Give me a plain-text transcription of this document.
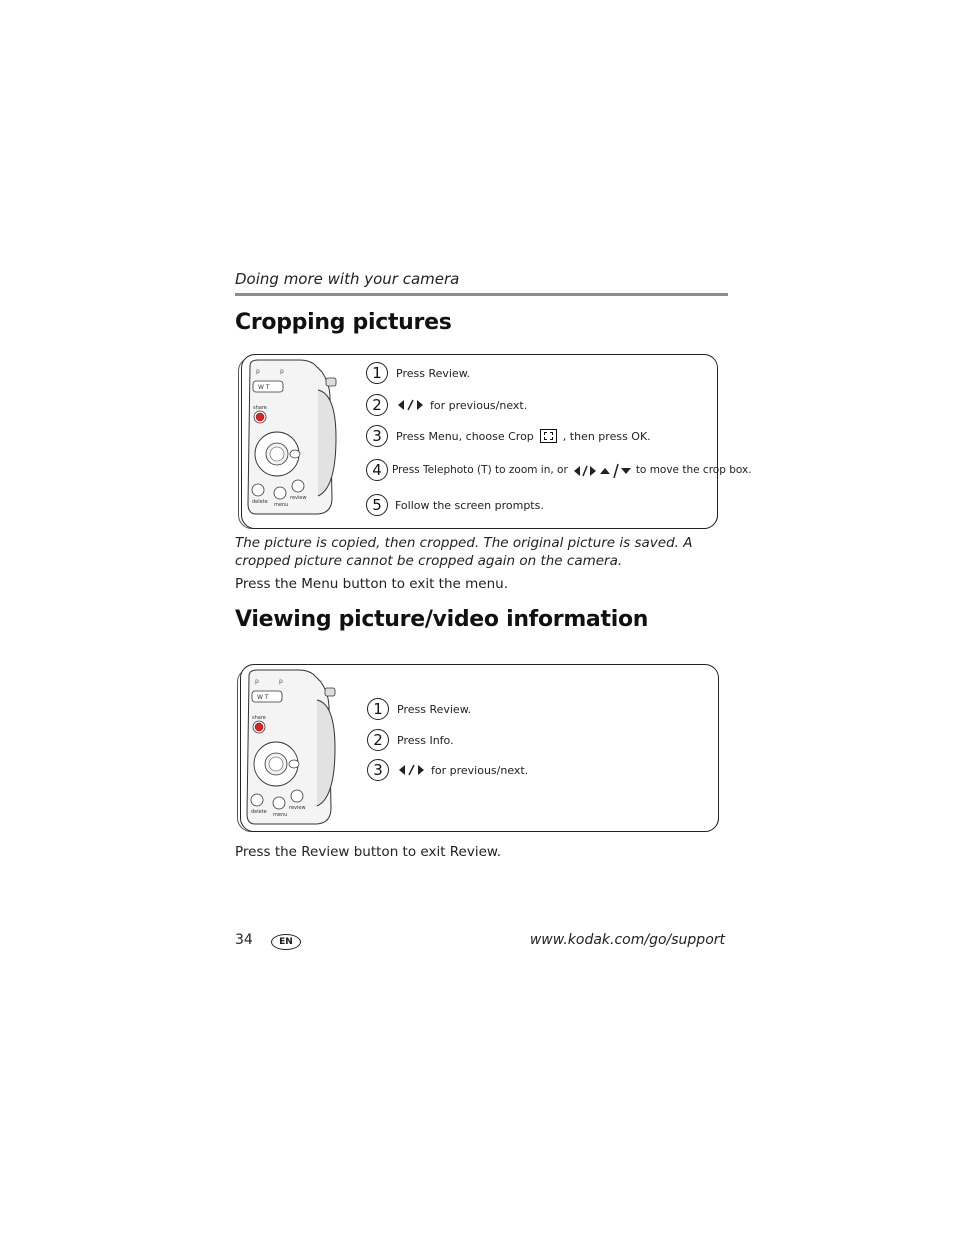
Doing more with your camera
Cropping pictures
p	p
W T
share
delete menu
review
1	Press Review.
2	for previous/next.
3	Press Menu, choose Crop	, then press OK.
4 Press Telephoto (T) to zoom in, or	to move the crop box.
5	Follow the screen prompts.
The picture is copied, then cropped. The original picture is saved. A cropped picture cannot be cropped again on the camera.
Press the Menu button to exit the menu.
Viewing picture/video information
p	p
W T
share
delete menu
review
1	Press Review.
2	Press Info.
3	for previous/next.
Press the Review button to exit Review.
34	EN	www.kodak.com/go/support
